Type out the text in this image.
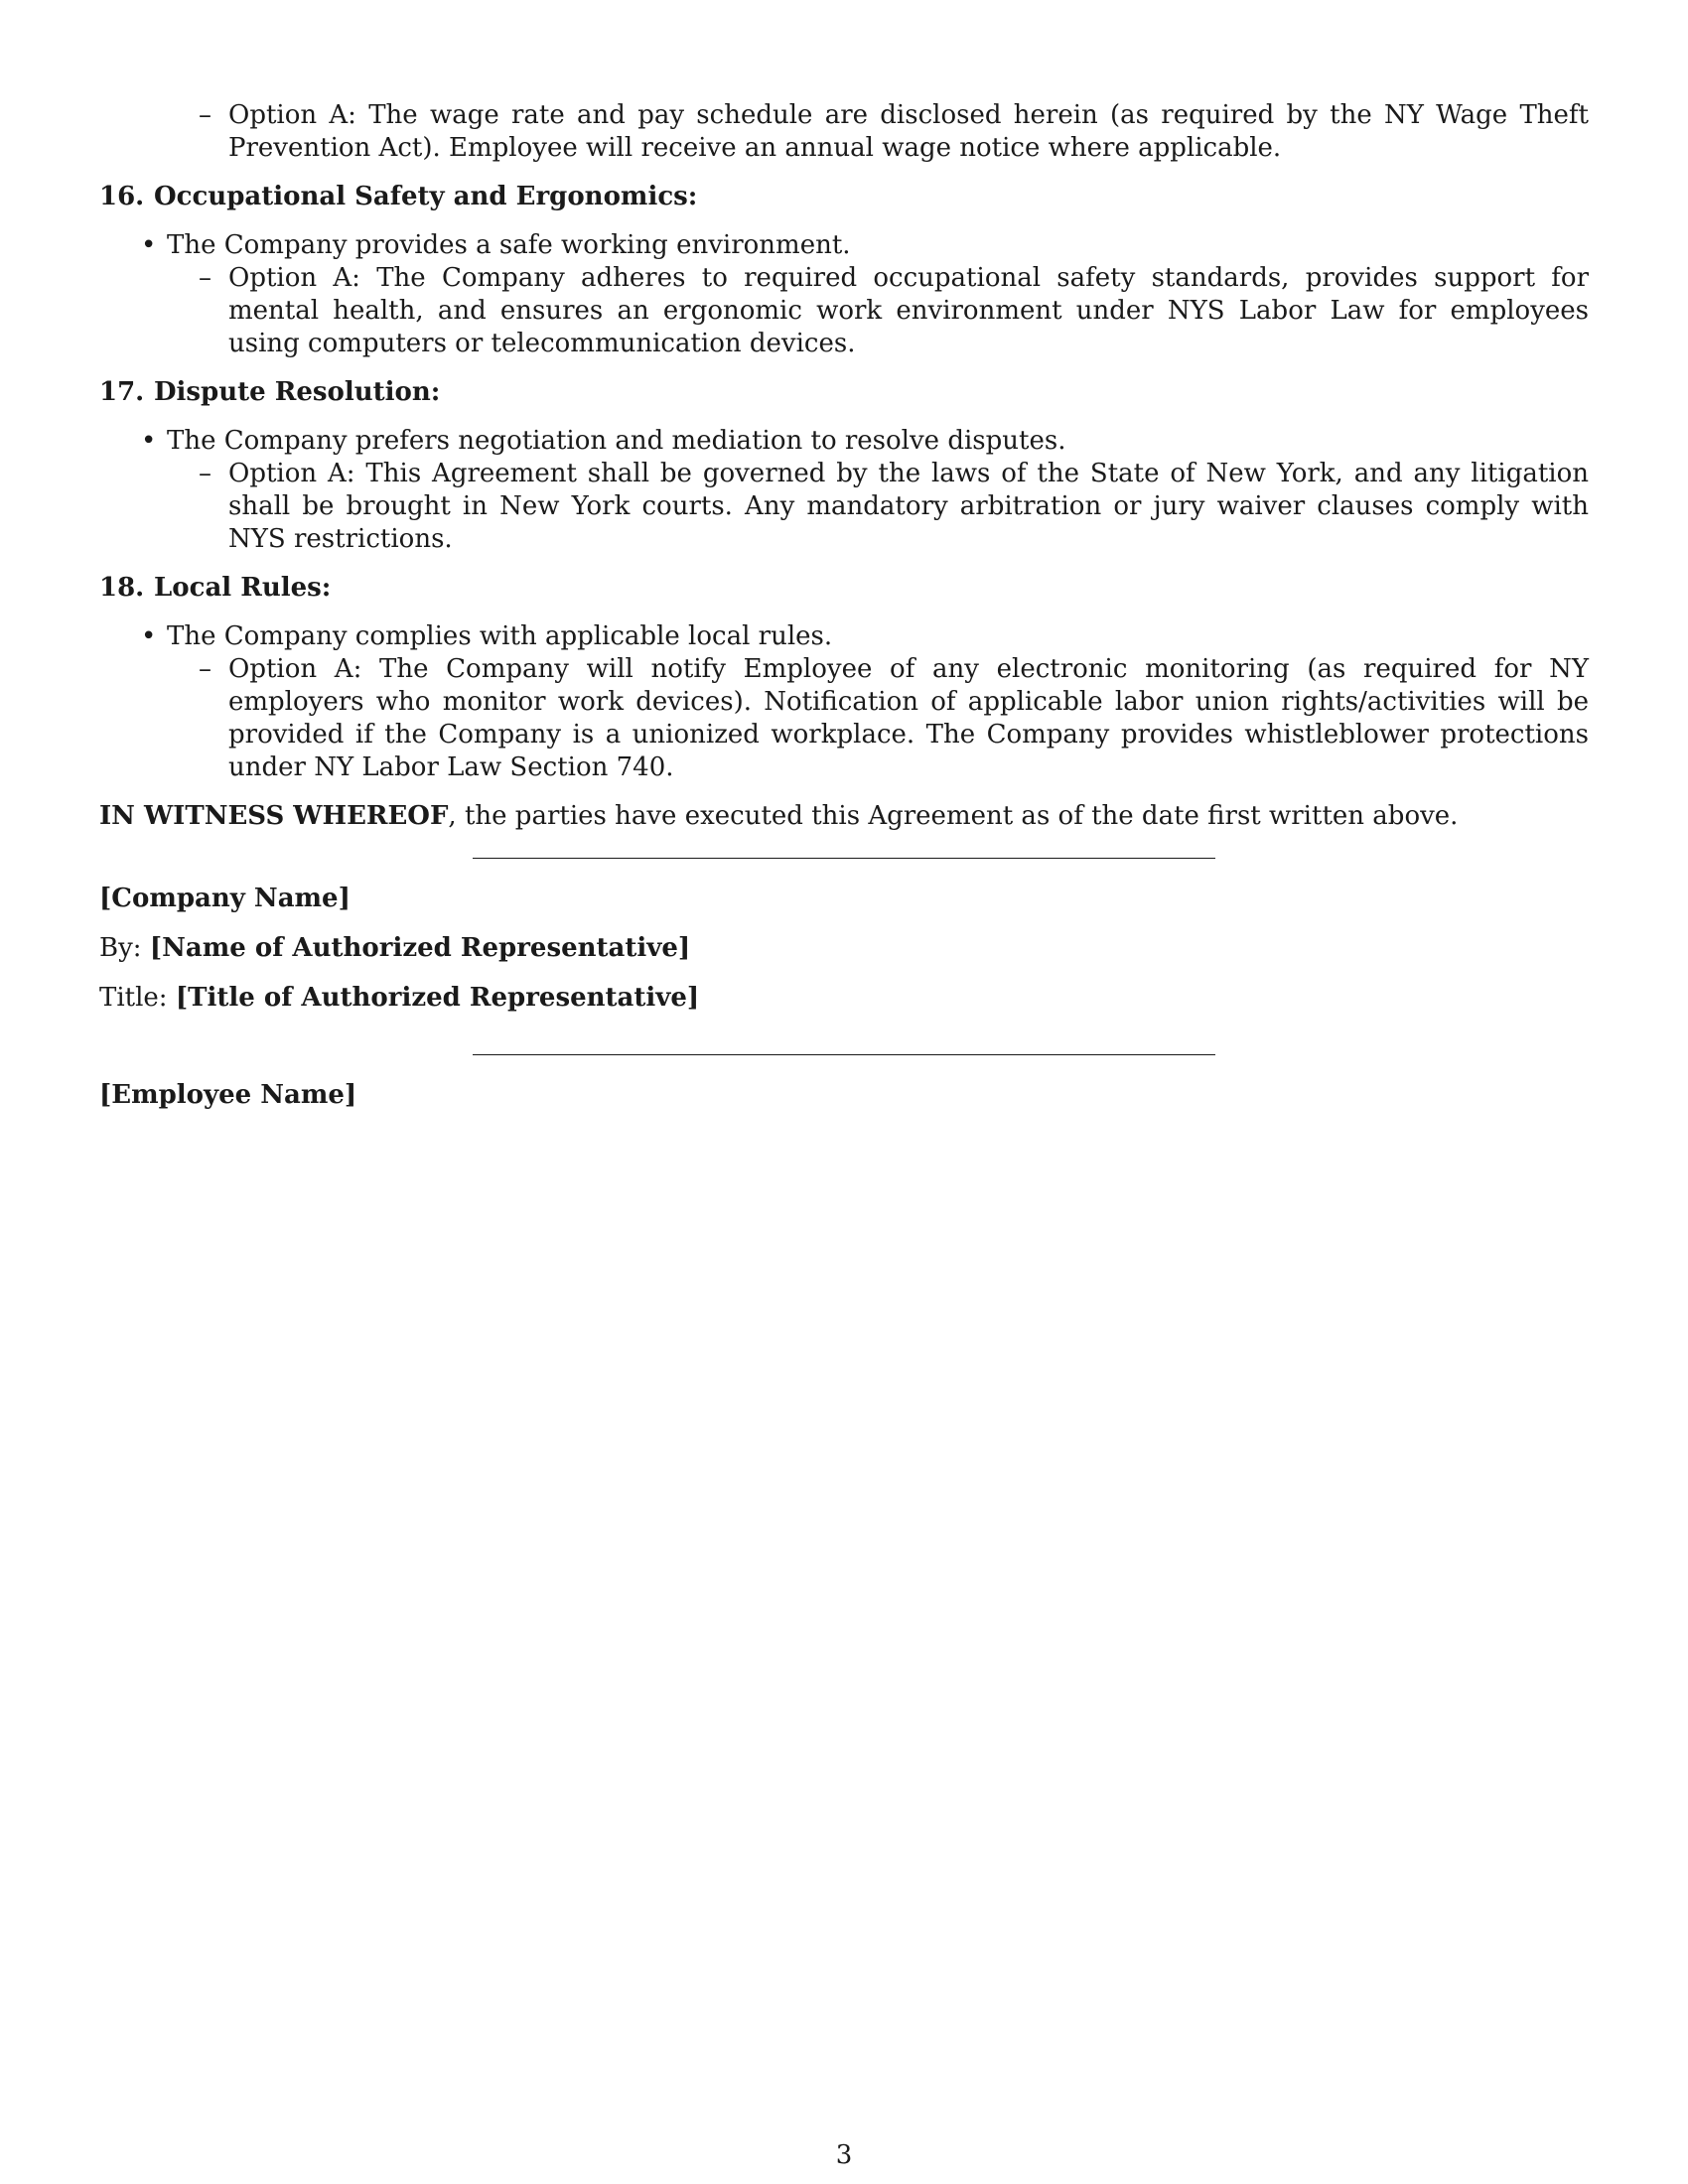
– Option A: The wage rate and pay schedule are disclosed herein (as required by the NY Wage Theft Prevention Act). Employee will receive an annual wage notice where applicable.
16. Occupational Safety and Ergonomics:
• The Company provides a safe working environment.
– Option A: The Company adheres to required occupational safety standards, provides support for mental health, and ensures an ergonomic work environment under NYS Labor Law for employees using computers or telecommunication devices.
17. Dispute Resolution:
• The Company prefers negotiation and mediation to resolve disputes.
– Option A: This Agreement shall be governed by the laws of the State of New York, and any litigation shall be brought in New York courts. Any mandatory arbitration or jury waiver clauses comply with NYS restrictions.
18. Local Rules:
• The Company complies with applicable local rules.
– Option A: The Company will notify Employee of any electronic monitoring (as required for NY employers who monitor work devices). Notification of applicable labor union rights/activities will be provided if the Company is a unionized workplace. The Company provides whistleblower protections under NY Labor Law Section 740.
IN WITNESS WHEREOF, the parties have executed this Agreement as of the date first written above.
[Company Name]
By: [Name of Authorized Representative]
Title: [Title of Authorized Representative]
[Employee Name]
3
